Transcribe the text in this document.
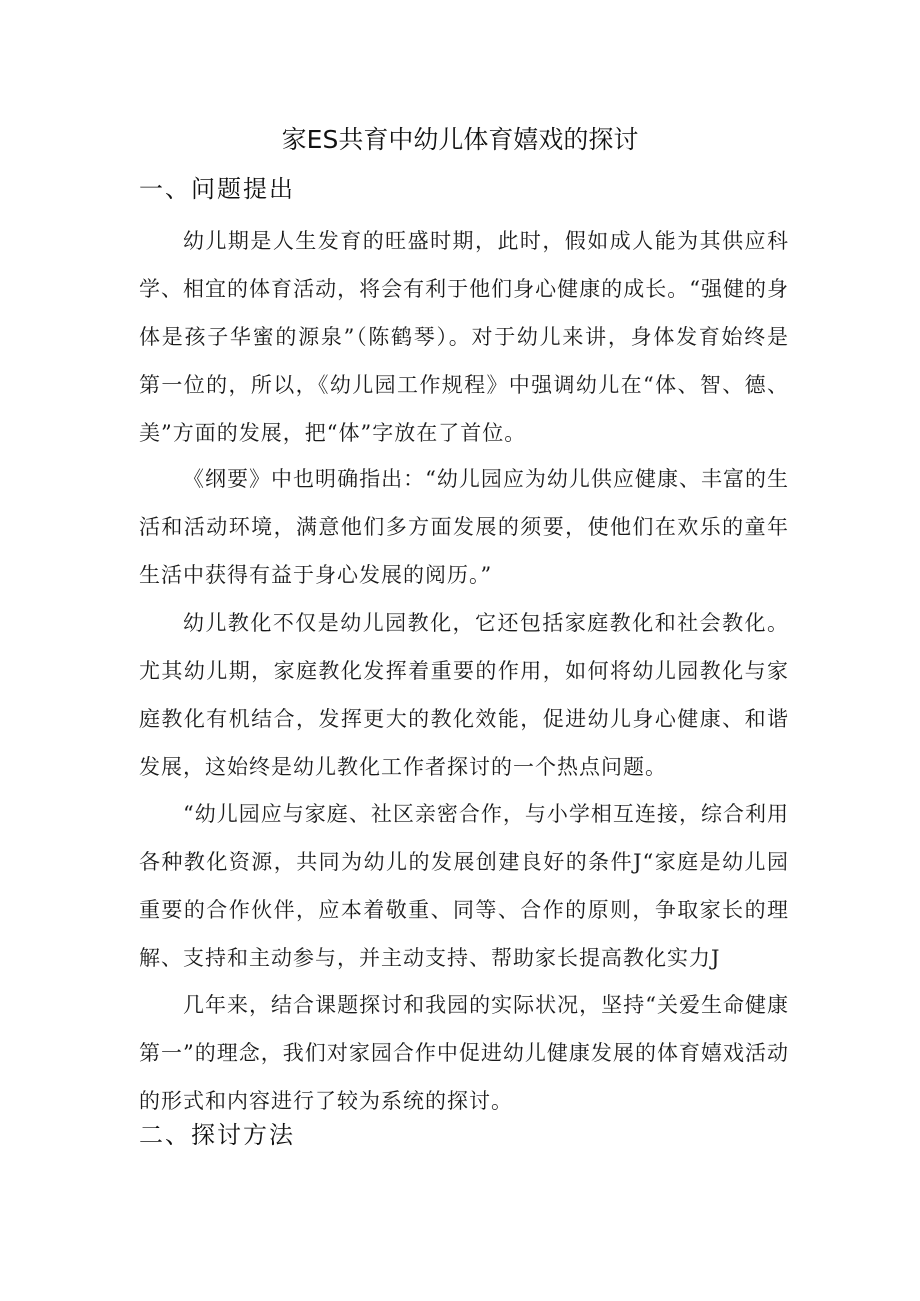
家ES共育中幼儿体育嬉戏的探讨
一、问题提出
幼儿期是人生发育的旺盛时期，此时，假如成人能为其供应科学、相宜的体育活动，将会有利于他们身心健康的成长。“强健的身体是孩子华蜜的源泉”（陈鹤琴）。对于幼儿来讲，身体发育始终是第一位的，所以，《幼儿园工作规程》中强调幼儿在“体、智、德、美”方面的发展，把“体”字放在了首位。
《纲要》中也明确指出：“幼儿园应为幼儿供应健康、丰富的生活和活动环境，满意他们多方面发展的须要，使他们在欢乐的童年生活中获得有益于身心发展的阅历。”
幼儿教化不仅是幼儿园教化，它还包括家庭教化和社会教化。尤其幼儿期，家庭教化发挥着重要的作用，如何将幼儿园教化与家庭教化有机结合，发挥更大的教化效能，促进幼儿身心健康、和谐发展，这始终是幼儿教化工作者探讨的一个热点问题。
“幼儿园应与家庭、社区亲密合作，与小学相互连接，综合利用各种教化资源，共同为幼儿的发展创建良好的条件J“家庭是幼儿园重要的合作伙伴，应本着敬重、同等、合作的原则，争取家长的理解、支持和主动参与，并主动支持、帮助家长提高教化实力J
几年来，结合课题探讨和我园的实际状况，坚持“关爱生命健康第一”的理念，我们对家园合作中促进幼儿健康发展的体育嬉戏活动的形式和内容进行了较为系统的探讨。
二、探讨方法
